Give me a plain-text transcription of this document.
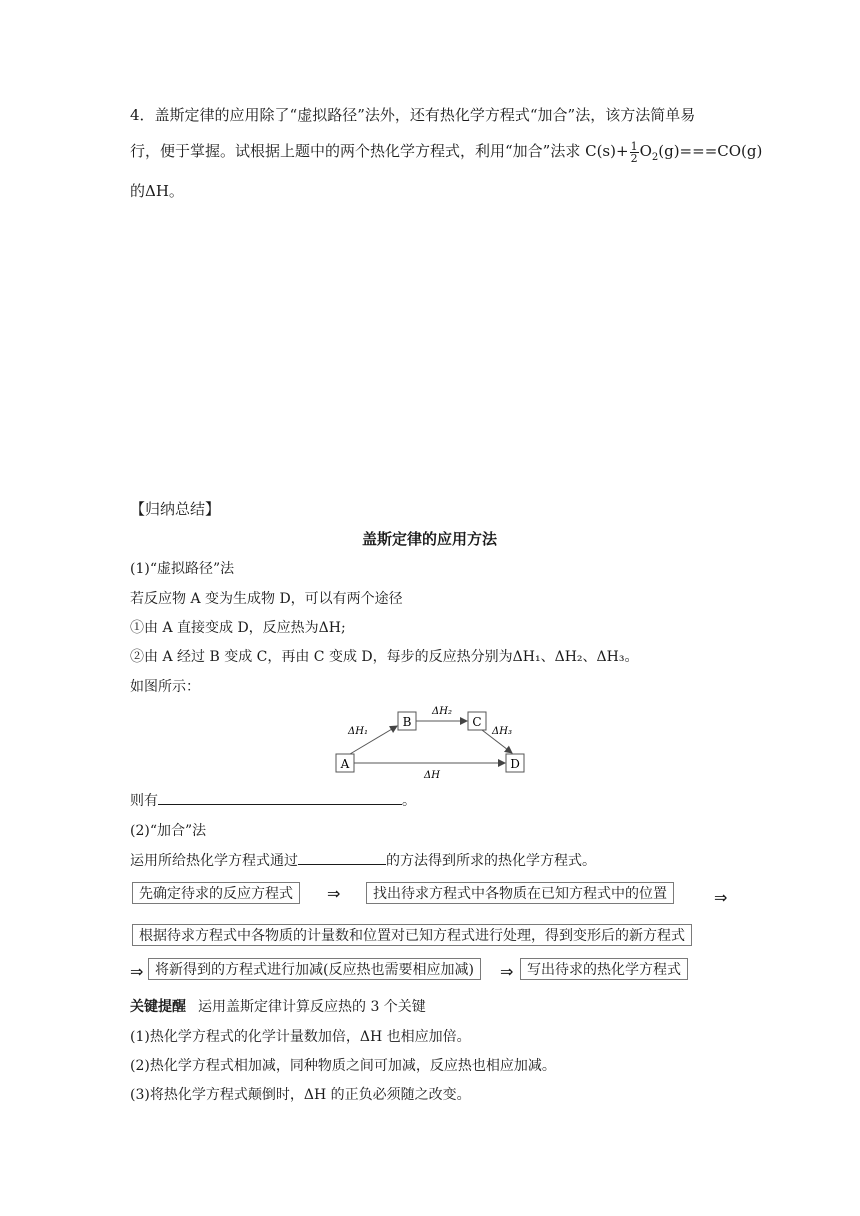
4．盖斯定律的应用除了“虚拟路径”法外，还有热化学方程式“加合”法，该方法简单易
行，便于掌握。试根据上题中的两个热化学方程式，利用“加合”法求 $C(s)+ \frac{1}{2} O_2(g)===CO(g)$
的ΔH。
【归纳总结】
盖斯定律的应用方法
(1)“虚拟路径”法
若反应物 A 变为生成物 D，可以有两个途径
①由 A 直接变成 D，反应热为ΔH;
②由 A 经过 B 变成 C，再由 C 变成 D，每步的反应热分别为ΔH₁、ΔH₂、ΔH₃。
如图所示：
A
B	C
D
ΔH₁
ΔH₂
ΔH₃
ΔH
则有	。
(2)“加合”法
运用所给热化学方程式通过	的方法得到所求的热化学方程式。
先确定待求的反应方程式	⇒	找出待求方程式中各物质在已知方程式中的位置	⇒
根据待求方程式中各物质的计量数和位置对已知方程式进行处理，得到变形后的新方程式
⇒ 将新得到的方程式进行加减(反应热也需要相应加减)	⇒ 写出待求的热化学方程式
关键提醒 运用盖斯定律计算反应热的 3 个关键
(1)热化学方程式的化学计量数加倍，ΔH 也相应加倍。
(2)热化学方程式相加减，同种物质之间可加减，反应热也相应加减。
(3)将热化学方程式颠倒时，ΔH 的正负必须随之改变。
